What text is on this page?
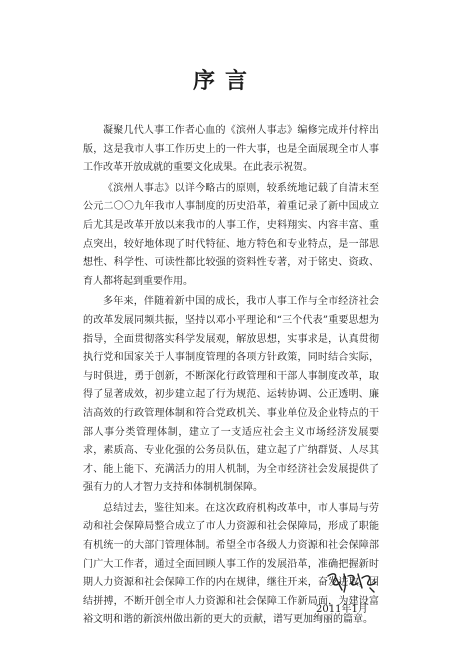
序言

凝聚几代人事工作者心血的《滨州人事志》编修完成并付梓出版，这是我市人事工作历史上的一件大事，也是全面展现全市人事工作改革开放成就的重要文化成果。在此表示祝贺。

《滨州人事志》以详今略古的原则，较系统地记载了自清末至公元二〇〇九年我市人事制度的历史沿革，着重记录了新中国成立后尤其是改革开放以来我市的人事工作，史料翔实、内容丰富、重点突出，较好地体现了时代特征、地方特色和专业特点，是一部思想性、科学性、可读性都比较强的资料性专著，对于铭史、资政、育人都将起到重要作用。

多年来，伴随着新中国的成长，我市人事工作与全市经济社会的改革发展同频共振，坚持以邓小平理论和“三个代表”重要思想为指导，全面贯彻落实科学发展观，解放思想，实事求是，认真贯彻执行党和国家关于人事制度管理的各项方针政策，同时结合实际，与时俱进，勇于创新，不断深化行政管理和干部人事制度改革，取得了显著成效，初步建立起了行为规范、运转协调、公正透明、廉洁高效的行政管理体制和符合党政机关、事业单位及企业特点的干部人事分类管理体制，建立了一支适应社会主义市场经济发展要求，素质高、专业化强的公务员队伍，建立起了广纳群贤、人尽其才、能上能下、充满活力的用人机制，为全市经济社会发展提供了强有力的人才智力支持和体制机制保障。

总结过去，鉴往知来。在这次政府机构改革中，市人事局与劳动和社会保障局整合成立了市人力资源和社会保障局，形成了职能有机统一的大部门管理体制。希望全市各级人力资源和社会保障部门广大工作者，通过全面回顾人事工作的发展沿革，准确把握新时期人力资源和社会保障工作的内在规律，继往开来，奋发进取，团结拼搏，不断开创全市人力资源和社会保障工作新局面，为建设富裕文明和谐的新滨州做出新的更大的贡献，谱写更加绚丽的篇章。

2011年1月
